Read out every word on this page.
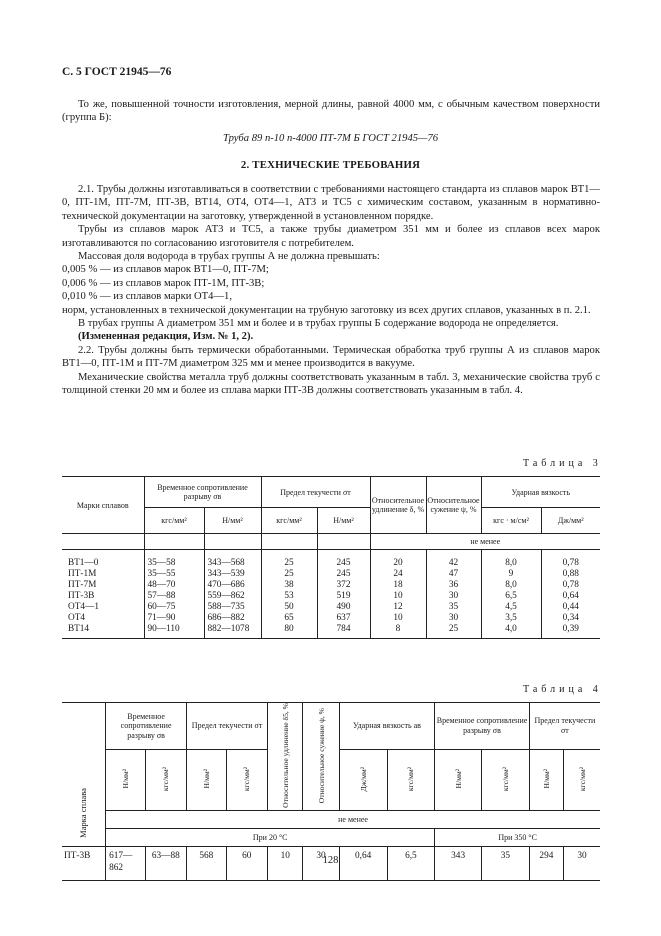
С. 5 ГОСТ 21945—76

То же, повышенной точности изготовления, мерной длины, равной 4000 мм, с обычным качеством поверхности (группа Б):

Труба 89 n-10 n-4000 ПТ-7М Б ГОСТ 21945—76
2. ТЕХНИЧЕСКИЕ ТРЕБОВАНИЯ

2.1. Трубы должны изготавливаться в соответствии с требованиями настоящего стандарта из сплавов марок ВТ1—0, ПТ-1М, ПТ-7М, ПТ-3В, ВТ14, ОТ4, ОТ4—1, АТ3 и ТС5 с химическим составом, указанным в нормативно-технической документации на заготовку, утвержденной в установленном порядке.

Трубы из сплавов марок АТ3 и ТС5, а также трубы диаметром 351 мм и более из сплавов всех марок изготавливаются по согласованию изготовителя с потребителем.

Массовая доля водорода в трубах группы А не должна превышать:

0,005 % — из сплавов марок ВТ1—0, ПТ-7М;

0,006 % — из сплавов марок ПТ-1М, ПТ-3В;

0,010 % — из сплавов марки ОТ4—1,

норм, установленных в технической документации на трубную заготовку из всех других сплавов, указанных в п. 2.1.

В трубах группы А диаметром 351 мм и более и в трубах группы Б содержание водорода не определяется.

(Измененная редакция, Изм. № 1, 2).

2.2. Трубы должны быть термически обработанными. Термическая обработка труб группы А из сплавов марок ВТ1—0, ПТ-1М и ПТ-7М диаметром 325 мм и менее производится в вакууме.

Механические свойства металла труб должны соответствовать указанным в табл. 3, механические свойства труб с толщиной стенки 20 мм и более из сплава марки ПТ-3В должны соответствовать указанным в табл. 4.

Таблица 3
Марки сплавов	Временное сопротивление разрыву σв		Предел текучести σт		Относительное удлинение δ, %	Относительное сужение ψ, %	Ударная вязкость	
	кгс/мм²	Н/мм²	кгс/мм²	Н/мм²			кгс · м/см²	Дж/мм²
					не менее			

ВТ1—0	35—58	343—568	25	245	20	42	8,0	0,78
ПТ-1М	35—55	343—539	25	245	24	47	9	0,88
ПТ-7М	48—70	470—686	38	372	18	36	8,0	0,78
ПТ-3В	57—88	559—862	53	519	10	30	6,5	0,64
ОТ4—1	60—75	588—735	50	490	12	35	4,5	0,44
ОТ4	71—90	686—882	65	637	10	30	3,5	0,34
ВТ14	90—110	882—1078	80	784	8	25	4,0	0,39

Таблица 4
Марка сплава	Временное сопротивление разрыву σв		Предел текучести σт		Относительное удлинение δ5, %	Относительное сужение ψ, %	Ударная вязкость aв		Временное сопротивление разрыву σв		Предел текучести σт	
	Н/мм²	кгс/мм²	Н/мм²	кгс/мм²			Дж/мм²	кгс/мм²	Н/мм²	кгс/мм²	Н/мм²	кгс/мм²
	не менее											
	При 20 °С								При 350 °С			
ПТ-3В	617—862	63—88	568	60	10	30	0,64	6,5	343	35	294	30
128
